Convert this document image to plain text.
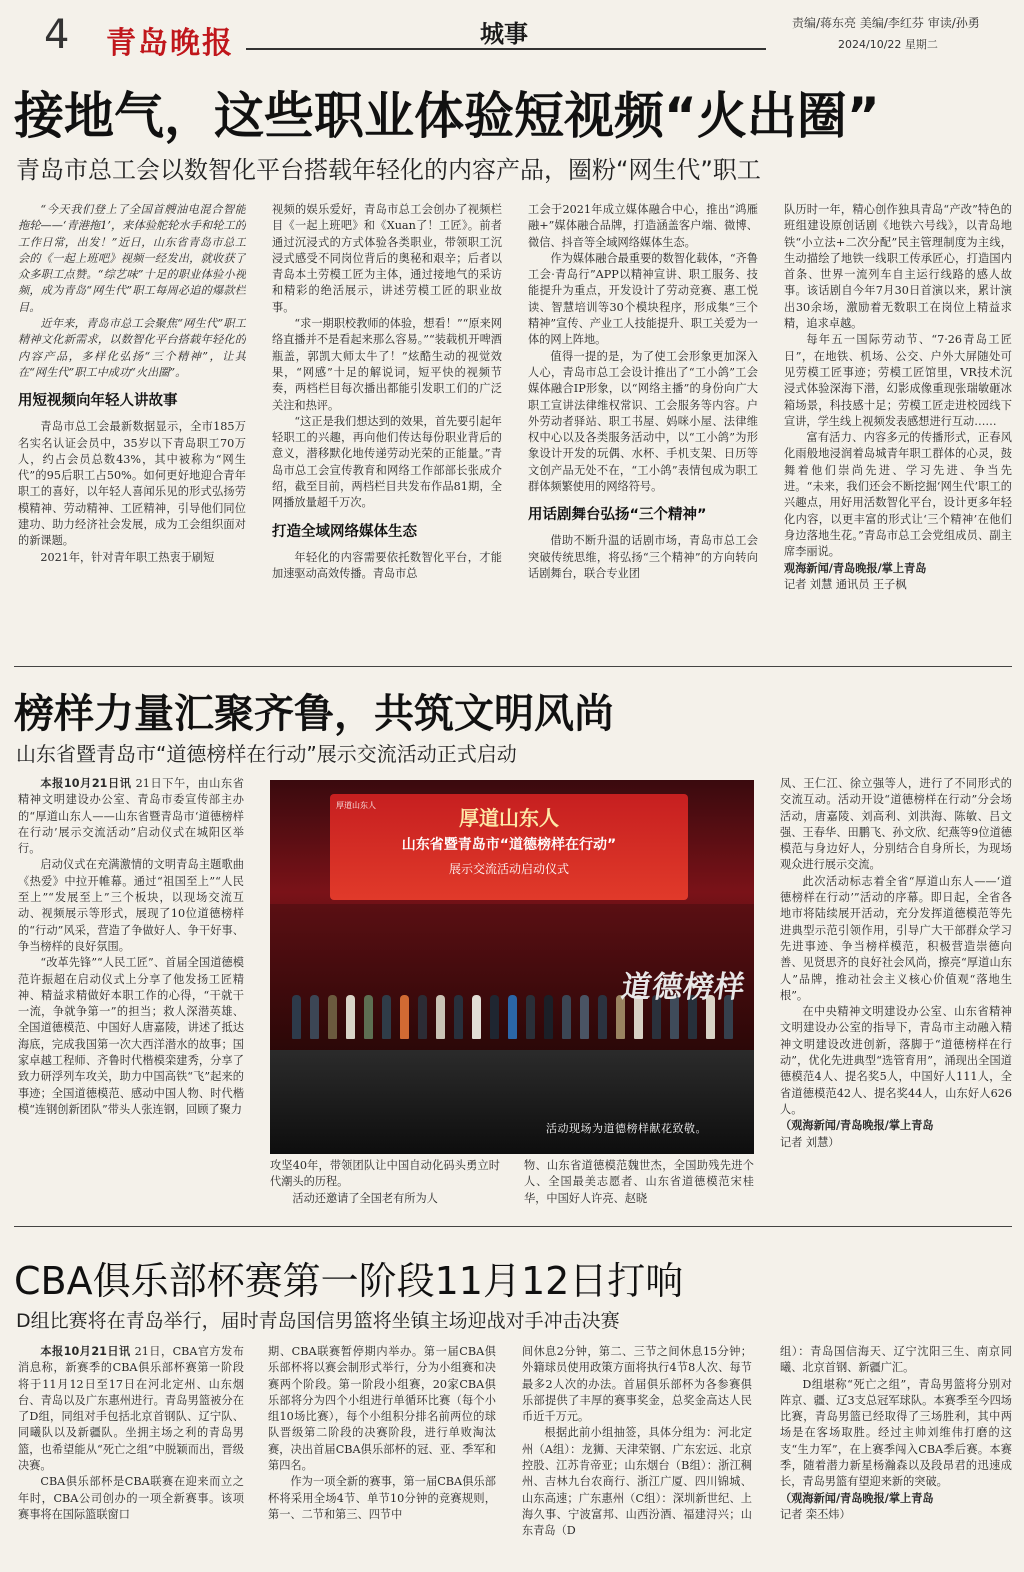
4 青岛晚报	城事	责编/蒋东亮 美编/李红芬 审读/孙勇
2024/10/22 星期二
接地气，这些职业体验短视频“火出圈”
青岛市总工会以数智化平台搭载年轻化的内容产品，圈粉“网生代”职工

“今天我们登上了全国首艘油电混合智能拖轮——‘青港拖1’，来体验舵轮水手和轮工的工作日常，出发！”近日，山东省青岛市总工会的《一起上班吧》视频一经发出，就收获了众多职工点赞。“综艺味”十足的职业体验小视频，成为青岛“网生代”职工每周必追的爆款栏目。

近年来，青岛市总工会聚焦“网生代”职工精神文化新需求，以数智化平台搭载年轻化的内容产品，多样化弘扬“三个精神”，让其在“网生代”职工中成功“火出圈”。

用短视频向年轻人讲故事

青岛市总工会最新数据显示，全市185万名实名认证会员中，35岁以下青岛职工70万人，约占会员总数43%，其中被称为“网生代”的95后职工占50%。如何更好地迎合青年职工的喜好，以年轻人喜闻乐见的形式弘扬劳模精神、劳动精神、工匠精神，引导他们同位建功、助力经济社会发展，成为工会组织面对的新课题。

2021年，针对青年职工热衷于刷短

视频的娱乐爱好，青岛市总工会创办了视频栏目《一起上班吧》和《Xuan了！工匠》。前者通过沉浸式的方式体验各类职业，带领职工沉浸式感受不同岗位背后的奥秘和艰辛；后者以青岛本土劳模工匠为主体，通过接地气的采访和精彩的绝活展示，讲述劳模工匠的职业故事。

“求一期职校教师的体验，想看！”“原来网络直播并不是看起来那么容易。”“装载机开啤酒瓶盖，郭凯大师太牛了！”炫酷生动的视觉效果，“网感”十足的解说词，短平快的视频节奏，两档栏目每次播出都能引发职工们的广泛关注和热评。

“这正是我们想达到的效果，首先要引起年轻职工的兴趣，再向他们传达每份职业背后的意义，潜移默化地传递劳动光荣的正能量。”青岛市总工会宣传教育和网络工作部部长张成介绍，截至目前，两档栏目共发布作品81期，全网播放量超千万次。

打造全域网络媒体生态

年轻化的内容需要依托数智化平台，才能加速驱动高效传播。青岛市总

工会于2021年成立媒体融合中心，推出“鸿雁融+”媒体融合品牌，打造涵盖客户端、微博、微信、抖音等全域网络媒体生态。

作为媒体融合最重要的数智化载体，“齐鲁工会·青岛行”APP以精神宣讲、职工服务、技能提升为重点，开发设计了劳动竞赛、惠工悦读、智慧培训等30个模块程序，形成集“三个精神”宣传、产业工人技能提升、职工关爱为一体的网上阵地。

值得一提的是，为了使工会形象更加深入人心，青岛市总工会设计推出了“工小鸽”工会媒体融合IP形象，以“网络主播”的身份向广大职工宣讲法律维权常识、工会服务等内容。户外劳动者驿站、职工书屋、妈咪小屋、法律维权中心以及各类服务活动中，以“工小鸽”为形象设计开发的玩偶、水杯、手机支架、日历等文创产品无处不在，“工小鸽”表情包成为职工群体频繁使用的网络符号。

用话剧舞台弘扬“三个精神”

借助不断升温的话剧市场，青岛市总工会突破传统思维，将弘扬“三个精神”的方向转向话剧舞台，联合专业团

队历时一年，精心创作独具青岛“产改”特色的班组建设原创话剧《地铁六号线》，以青岛地铁“小立法+二次分配”民主管理制度为主线，生动描绘了地铁一线职工传承匠心，打造国内首条、世界一流列车自主运行线路的感人故事。该话剧自今年7月30日首演以来，累计演出30余场，激励着无数职工在岗位上精益求精，追求卓越。

每年五一国际劳动节、“7·26青岛工匠日”，在地铁、机场、公交、户外大屏随处可见劳模工匠事迹；劳模工匠馆里，VR技术沉浸式体验深海下潜，幻影成像重现张瑞敏砸冰箱场景，科技感十足；劳模工匠走进校园线下宣讲，学生线上视频发表感想进行互动……

富有活力、内容多元的传播形式，正春风化雨般地浸润着岛城青年职工群体的心灵，鼓舞着他们崇尚先进、学习先进、争当先进。“未来，我们还会不断挖掘‘网生代’职工的兴趣点，用好用活数智化平台，设计更多年轻化内容，以更丰富的形式让‘三个精神’在他们身边落地生花。”青岛市总工会党组成员、副主席李丽说。

观海新闻/青岛晚报/掌上青岛

记者 刘慧 通讯员 王子枫

榜样力量汇聚齐鲁，共筑文明风尚
山东省暨青岛市“道德榜样在行动”展示交流活动正式启动

本报10月21日讯 21日下午，由山东省精神文明建设办公室、青岛市委宣传部主办的“厚道山东人——山东省暨青岛市‘道德榜样在行动’展示交流活动”启动仪式在城阳区举行。

启动仪式在充满激情的文明青岛主题歌曲《热爱》中拉开帷幕。通过“祖国至上”“人民至上”“发展至上”三个板块，以现场交流互动、视频展示等形式，展现了10位道德榜样的“行动”风采，营造了争做好人、争干好事、争当榜样的良好氛围。

“改革先锋”“人民工匠”、首届全国道德模范许振超在启动仪式上分享了他发扬工匠精神、精益求精做好本职工作的心得，“干就干一流，争就争第一”的担当；救人深潜英雄、全国道德模范、中国好人唐嘉陵，讲述了抵达海底，完成我国第一次大西洋潜水的故事；国家卓越工程师、齐鲁时代楷模栾建秀，分享了致力研浮列车攻关，助力中国高铁“飞”起来的事迹；全国道德模范、感动中国人物、时代楷模“连钢创新团队”带头人张连钢，回顾了聚力

厚道山东人
厚道山东人
山东省暨青岛市“道德榜样在行动”
展示交流活动启动仪式
道德榜样
活动现场为道德榜样献花致敬。

攻坚40年，带领团队让中国自动化码头勇立时代潮头的历程。

活动还邀请了全国老有所为人

物、山东省道德模范魏世杰，全国助残先进个人、全国最美志愿者、山东省道德模范宋桂华，中国好人许亮、赵晓

凤、王仁江、徐立强等人，进行了不同形式的交流互动。活动开设“道德榜样在行动”分会场活动，唐嘉陵、刘高利、刘洪海、陈敏、吕文强、王春华、田鹏飞、孙文欣、纪燕等9位道德模范与身边好人，分别结合自身所长，为现场观众进行展示交流。

此次活动标志着全省“厚道山东人——‘道德榜样在行动’”活动的序幕。即日起，全省各地市将陆续展开活动，充分发挥道德模范等先进典型示范引领作用，引导广大干部群众学习先进事迹、争当榜样模范，积极营造崇德向善、见贤思齐的良好社会风尚，擦亮“厚道山东人”品牌，推动社会主义核心价值观“落地生根”。

在中央精神文明建设办公室、山东省精神文明建设办公室的指导下，青岛市主动融入精神文明建设改进创新，落脚于“道德榜样在行动”，优化先进典型“选管育用”，涌现出全国道德模范4人、提名奖5人，中国好人111人，全省道德模范42人、提名奖44人，山东好人626人。

（观海新闻/青岛晚报/掌上青岛

记者 刘慧）

CBA俱乐部杯赛第一阶段11月12日打响
D组比赛将在青岛举行，届时青岛国信男篮将坐镇主场迎战对手冲击决赛

本报10月21日讯 21日，CBA官方发布消息称，新赛季的CBA俱乐部杯赛第一阶段将于11月12日至17日在河北定州、山东烟台、青岛以及广东惠州进行。青岛男篮被分在了D组，同组对手包括北京首钢队、辽宁队、同曦队以及新疆队。坐拥主场之利的青岛男篮，也希望能从“死亡之组”中脱颖而出，晋级决赛。

CBA俱乐部杯是CBA联赛在迎来而立之年时，CBA公司创办的一项全新赛事。该项赛事将在国际篮联窗口

期、CBA联赛暂停期内举办。第一届CBA俱乐部杯将以赛会制形式举行，分为小组赛和决赛两个阶段。第一阶段小组赛，20家CBA俱乐部将分为四个小组进行单循环比赛（每个小组10场比赛），每个小组积分排名前两位的球队晋级第二阶段的决赛阶段，进行单败淘汰赛，决出首届CBA俱乐部杯的冠、亚、季军和第四名。

作为一项全新的赛事，第一届CBA俱乐部杯将采用全场4节、单节10分钟的竞赛规则，第一、二节和第三、四节中

间休息2分钟，第二、三节之间休息15分钟；外籍球员使用政策方面将执行4节8人次、每节最多2人次的办法。首届俱乐部杯为各参赛俱乐部提供了丰厚的赛事奖金，总奖金高达人民币近千万元。

根据此前小组抽签，具体分组为：河北定州（A组）：龙狮、天津荣钢、广东宏远、北京控股、江苏肯帝亚；山东烟台（B组）：浙江稠州、吉林九台农商行、浙江广厦、四川锦城、山东高速；广东惠州（C组）：深圳新世纪、上海久事、宁波富邦、山西汾酒、福建浔兴；山东青岛（D

组）：青岛国信海天、辽宁沈阳三生、南京同曦、北京首钢、新疆广汇。

D组堪称“死亡之组”，青岛男篮将分别对阵京、疆、辽3支总冠军球队。本赛季至今四场比赛，青岛男篮已经取得了三场胜利，其中两场是在客场取胜。经过主帅刘维伟打磨的这支“生力军”，在上赛季闯入CBA季后赛。本赛季，随着潜力新星杨瀚森以及段昂君的迅速成长，青岛男篮有望迎来新的突破。

（观海新闻/青岛晚报/掌上青岛

记者 栾丕炜）
